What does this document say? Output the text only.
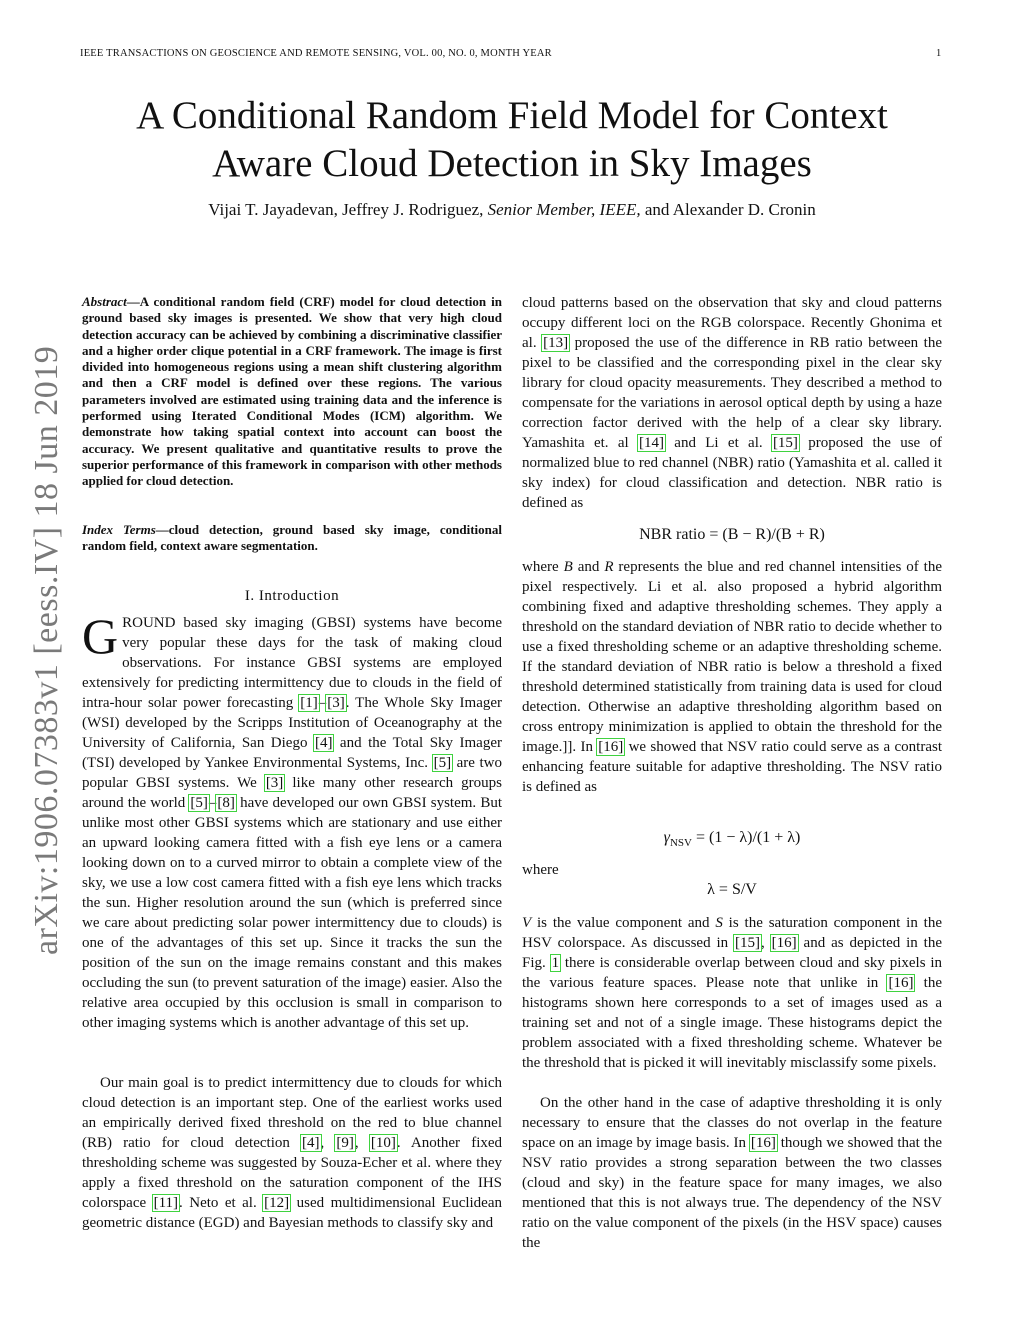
IEEE TRANSACTIONS ON GEOSCIENCE AND REMOTE SENSING, VOL. 00, NO. 0, MONTH YEAR	1
arXiv:1906.07383v1 [eess.IV] 18 Jun 2019
A Conditional Random Field Model for Context
Aware Cloud Detection in Sky Images
Vijai T. Jayadevan, Jeffrey J. Rodriguez, Senior Member, IEEE, and Alexander D. Cronin
Abstract—A conditional random field (CRF) model for cloud detection in ground based sky images is presented. We show that very high cloud detection accuracy can be achieved by combining a discriminative classifier and a higher order clique potential in a CRF framework. The image is first divided into homogeneous regions using a mean shift clustering algorithm and then a CRF model is defined over these regions. The various parameters involved are estimated using training data and the inference is performed using Iterated Conditional Modes (ICM) algorithm. We demonstrate how taking spatial context into account can boost the accuracy. We present qualitative and quantitative results to prove the superior performance of this framework in comparison with other methods applied for cloud detection.
Index Terms—cloud detection, ground based sky image, conditional random field, context aware segmentation.
I. Introduction
GROUND based sky imaging (GBSI) systems have become very popular these days for the task of making cloud observations. For instance GBSI systems are employed extensively for predicting intermittency due to clouds in the field of intra-hour solar power forecasting [1]–[3]. The Whole Sky Imager (WSI) developed by the Scripps Institution of Oceanography at the University of California, San Diego [4] and the Total Sky Imager (TSI) developed by Yankee Environmental Systems, Inc. [5] are two popular GBSI systems. We [3] like many other research groups around the world [5]–[8] have developed our own GBSI system. But unlike most other GBSI systems which are stationary and use either an upward looking camera fitted with a fish eye lens or a camera looking down on to a curved mirror to obtain a complete view of the sky, we use a low cost camera fitted with a fish eye lens which tracks the sun. Higher resolution around the sun (which is preferred since we care about predicting solar power intermittency due to clouds) is one of the advantages of this set up. Since it tracks the sun the position of the sun on the image remains constant and this makes occluding the sun (to prevent saturation of the image) easier. Also the relative area occupied by this occlusion is small in comparison to other imaging systems which is another advantage of this set up.
Our main goal is to predict intermittency due to clouds for which cloud detection is an important step. One of the earliest works used an empirically derived fixed threshold on the red to blue channel (RB) ratio for cloud detection [4], [9], [10]. Another fixed thresholding scheme was suggested by Souza-Echer et al. where they apply a fixed threshold on the saturation component of the IHS colorspace [11]. Neto et al. [12] used multidimensional Euclidean geometric distance (EGD) and Bayesian methods to classify sky and
cloud patterns based on the observation that sky and cloud patterns occupy different loci on the RGB colorspace. Recently Ghonima et al. [13] proposed the use of the difference in RB ratio between the pixel to be classified and the corresponding pixel in the clear sky library for cloud opacity measurements. They described a method to compensate for the variations in aerosol optical depth by using a haze correction factor derived with the help of a clear sky library. Yamashita et. al [14] and Li et al. [15] proposed the use of normalized blue to red channel (NBR) ratio (Yamashita et al. called it sky index) for cloud classification and detection. NBR ratio is defined as
NBR ratio = (B − R)/(B + R)
where B and R represents the blue and red channel intensities of the pixel respectively. Li et al. also proposed a hybrid algorithm combining fixed and adaptive thresholding schemes. They apply a threshold on the standard deviation of NBR ratio to decide whether to use a fixed thresholding scheme or an adaptive thresholding scheme. If the standard deviation of NBR ratio is below a threshold a fixed threshold determined statistically from training data is used for cloud detection. Otherwise an adaptive thresholding algorithm based on cross entropy minimization is applied to obtain the threshold for the image.]]. In [16] we showed that NSV ratio could serve as a contrast enhancing feature suitable for adaptive thresholding. The NSV ratio is defined as
$\gamma_{NSV} = (1 - \lambda)/(1 + \lambda)$
where
λ = S/V
V is the value component and S is the saturation component in the HSV colorspace. As discussed in [15], [16] and as depicted in the Fig. 1 there is considerable overlap between cloud and sky pixels in the various feature spaces. Please note that unlike in [16] the histograms shown here corresponds to a set of images used as a training set and not of a single image. These histograms depict the problem associated with a fixed thresholding scheme. Whatever be the threshold that is picked it will inevitably misclassify some pixels.
On the other hand in the case of adaptive thresholding it is only necessary to ensure that the classes do not overlap in the feature space on an image by image basis. In [16] though we showed that the NSV ratio provides a strong separation between the two classes (cloud and sky) in the feature space for many images, we also mentioned that this is not always true. The dependency of the NSV ratio on the value component of the pixels (in the HSV space) causes the
